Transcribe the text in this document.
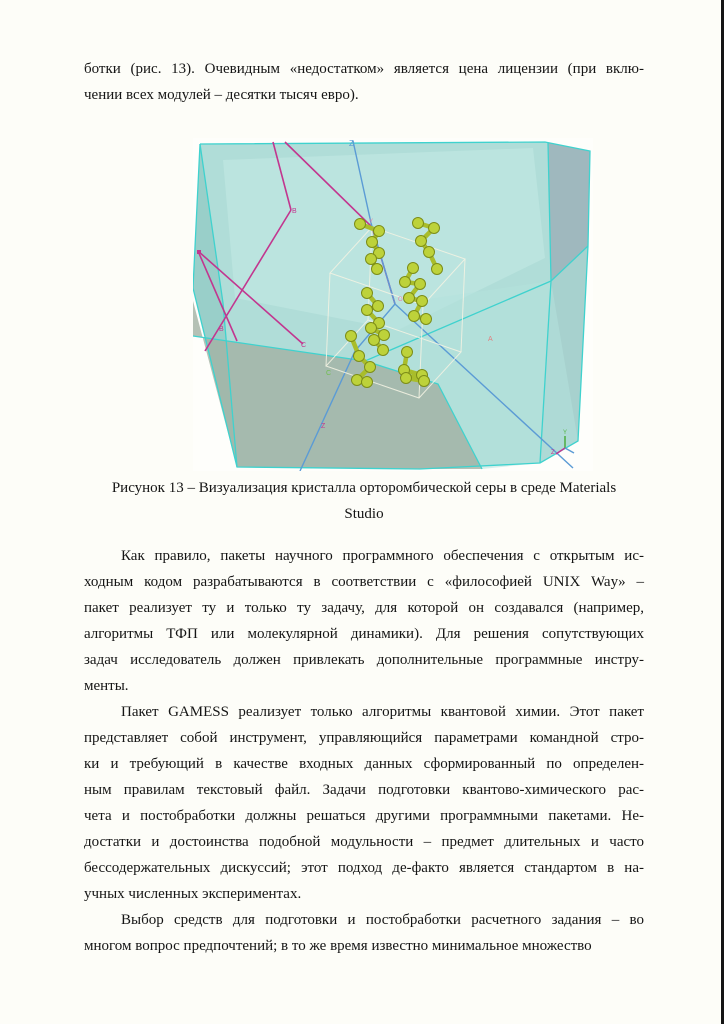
ботки (рис. 13). Очевидным «недостатком» является цена лицензии (при вклю-
чении всех модулей – десятки тысяч евро).
Z
B
B
C
C
A
Z
O
Y
Y
Z
Рисунок 13 – Визуализация кристалла орторомбической серы в среде Materials
Studio
Как правило, пакеты научного программного обеспечения с открытым ис-
ходным кодом разрабатываются в соответствии с «философией UNIX Way» –
пакет реализует ту и только ту задачу, для которой он создавался (например,
алгоритмы ТФП или молекулярной динамики). Для решения сопутствующих
задач исследователь должен привлекать дополнительные программные инстру-
менты.
Пакет GAMESS реализует только алгоритмы квантовой химии. Этот пакет
представляет собой инструмент, управляющийся параметрами командной стро-
ки и требующий в качестве входных данных сформированный по определен-
ным правилам текстовый файл. Задачи подготовки квантово-химического рас-
чета и постобработки должны решаться другими программными пакетами. Не-
достатки и достоинства подобной модульности – предмет длительных и часто
бессодержательных дискуссий; этот подход де-факто является стандартом в на-
учных численных экспериментах.
Выбор средств для подготовки и постобработки расчетного задания – во
многом вопрос предпочтений; в то же время известно минимальное множество
